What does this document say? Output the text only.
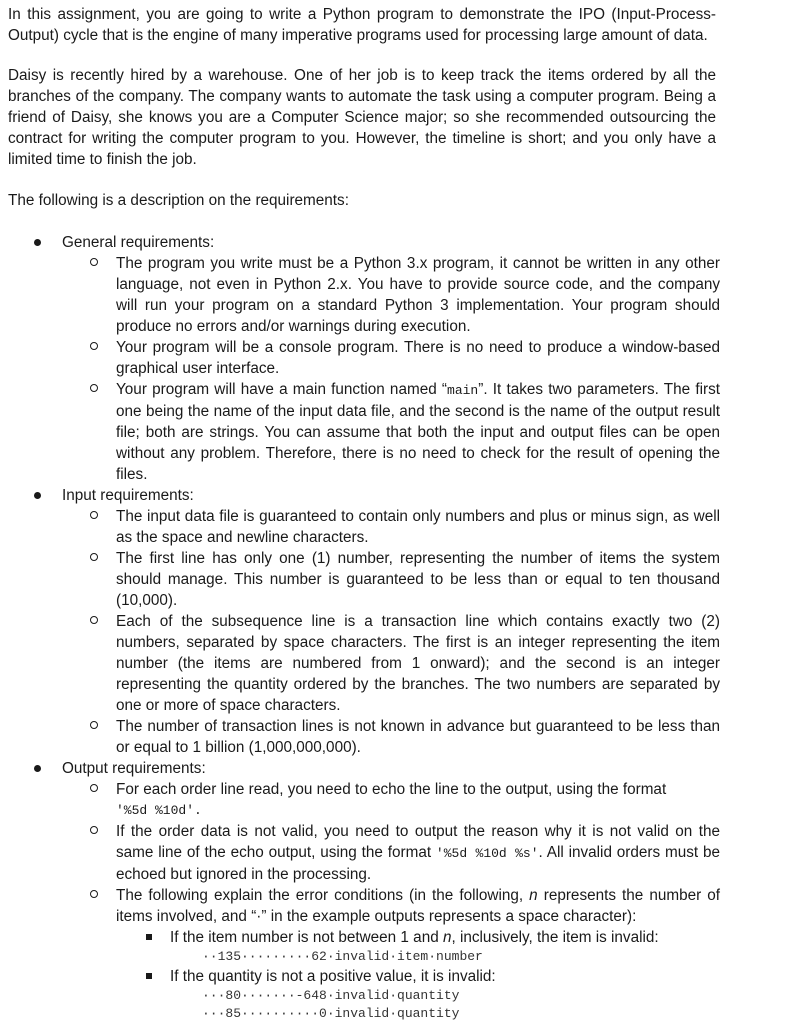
In this assignment, you are going to write a Python program to demonstrate the IPO (Input-Process-Output) cycle that is the engine of many imperative programs used for processing large amount of data.

Daisy is recently hired by a warehouse. One of her job is to keep track the items ordered by all the branches of the company. The company wants to automate the task using a computer program. Being a friend of Daisy, she knows you are a Computer Science major; so she recommended outsourcing the contract for writing the computer program to you. However, the timeline is short; and you only have a limited time to finish the job.

The following is a description on the requirements:

General requirements:
The program you write must be a Python 3.x program, it cannot be written in any other language, not even in Python 2.x. You have to provide source code, and the company will run your program on a standard Python 3 implementation. Your program should produce no errors and/or warnings during execution.
Your program will be a console program. There is no need to produce a window-based graphical user interface.
Your program will have a main function named “main”. It takes two parameters. The first one being the name of the input data file, and the second is the name of the output result file; both are strings. You can assume that both the input and output files can be open without any problem. Therefore, there is no need to check for the result of opening the files.
Input requirements:
The input data file is guaranteed to contain only numbers and plus or minus sign, as well as the space and newline characters.
The first line has only one (1) number, representing the number of items the system should manage. This number is guaranteed to be less than or equal to ten thousand (10,000).
Each of the subsequence line is a transaction line which contains exactly two (2) numbers, separated by space characters. The first is an integer representing the item number (the items are numbered from 1 onward); and the second is an integer representing the quantity ordered by the branches. The two numbers are separated by one or more of space characters.
The number of transaction lines is not known in advance but guaranteed to be less than or equal to 1 billion (1,000,000,000).
Output requirements:
For each order line read, you need to echo the line to the output, using the format
'%5d %10d'.
If the order data is not valid, you need to output the reason why it is not valid on the same line of the echo output, using the format '%5d %10d %s'. All invalid orders must be echoed but ignored in the processing.
The following explain the error conditions (in the following, n represents the number of items involved, and “·” in the example outputs represents a space character):
If the item number is not between 1 and n, inclusively, the item is invalid:
··135·········62·invalid·item·number
If the quantity is not a positive value, it is invalid:
···80·······-648·invalid·quantity
···85··········0·invalid·quantity
